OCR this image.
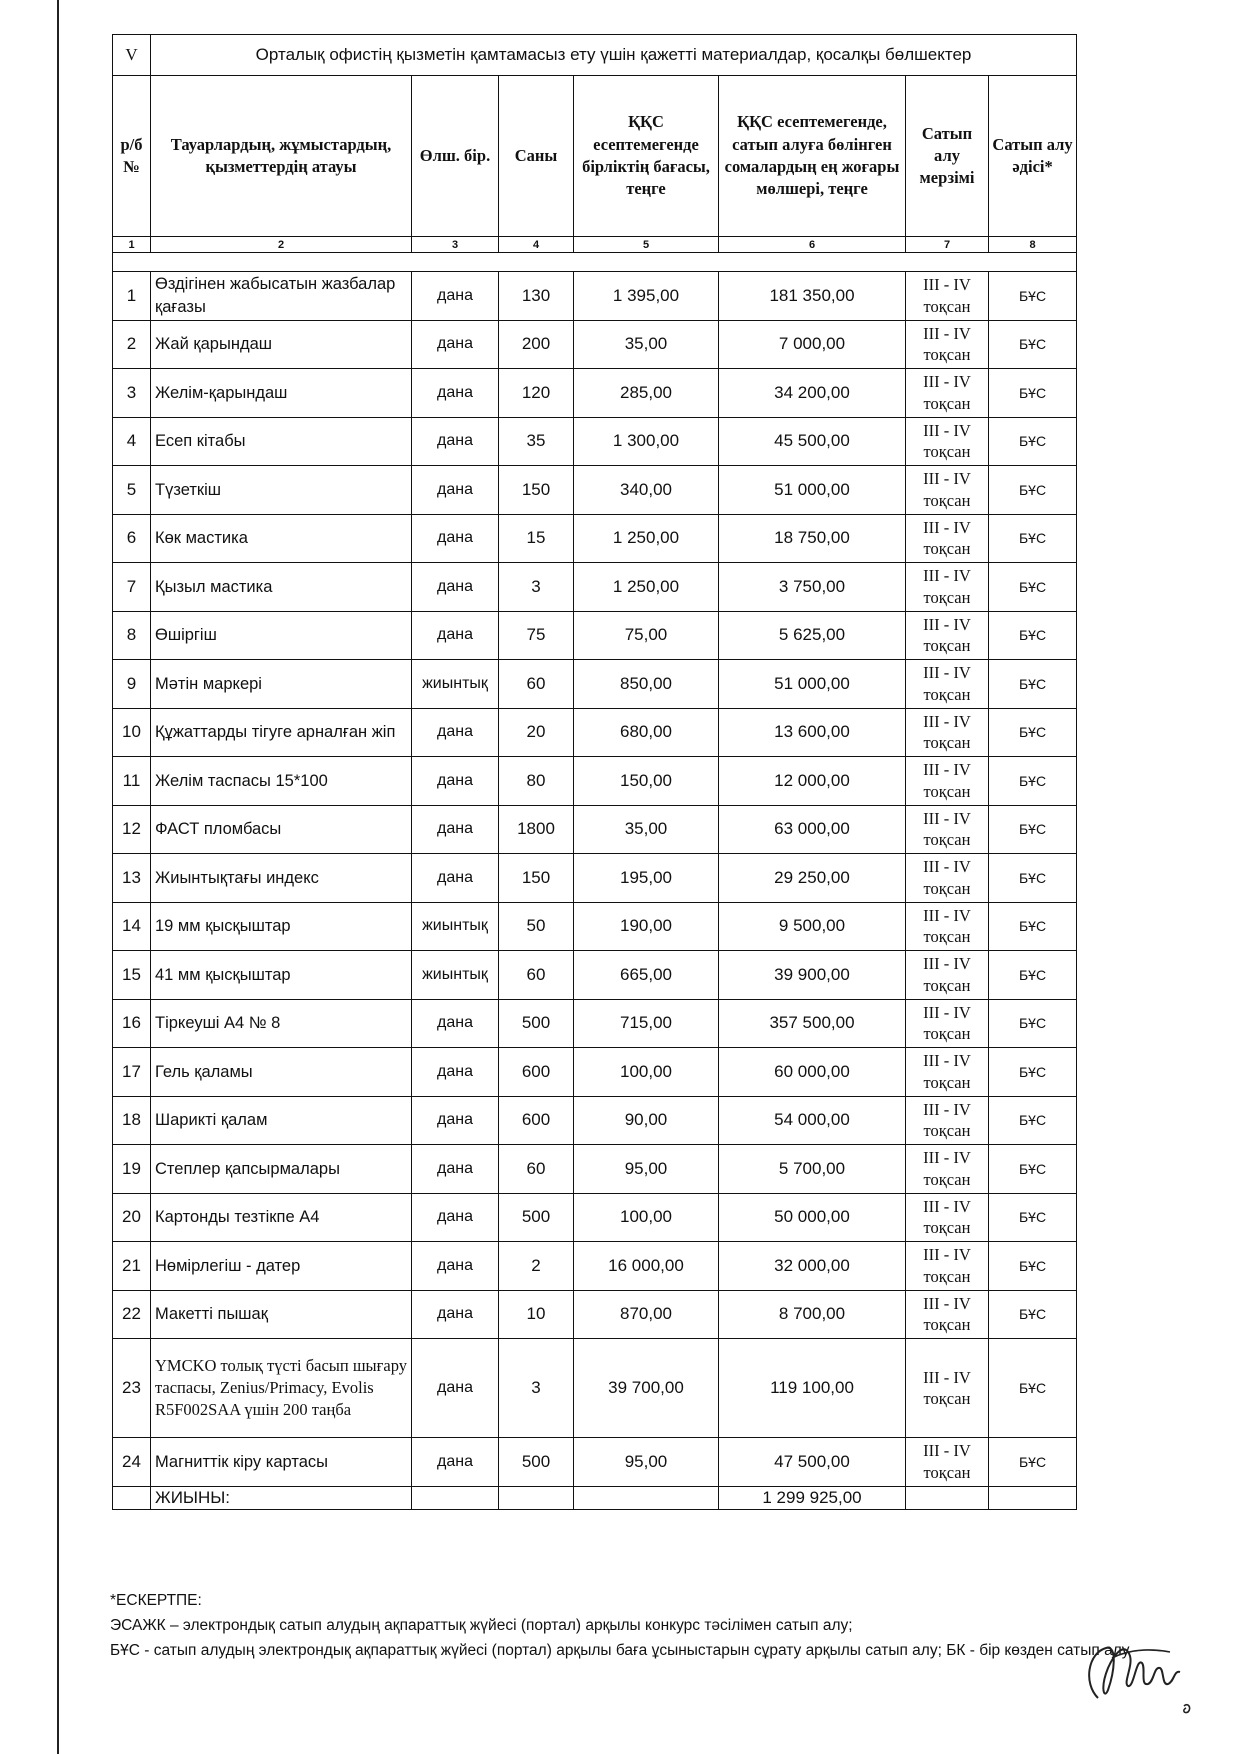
V	Орталық офистің қызметін қамтамасыз ету үшін қажетті материалдар, қосалқы бөлшектер						
р/б №	Тауарлардың, жұмыстардың, қызметтердің атауы	Өлш. бір.	Саны	ҚҚС есептемегенде бірліктің бағасы, теңге	ҚҚС есептемегенде, сатып алуға бөлінген сомалардың ең жоғары мөлшері, теңге	Сатып алу мерзімі	Сатып алу әдісі*
1	2	3	4	5	6	7	8

1	Өздігінен жабысатын жазбалар қағазы	дана	130	1 395,00	181 350,00	III - IV тоқсан	БҰС
2	Жай қарындаш	дана	200	35,00	7 000,00	III - IV тоқсан	БҰС
3	Желім-қарындаш	дана	120	285,00	34 200,00	III - IV тоқсан	БҰС
4	Есеп кітабы	дана	35	1 300,00	45 500,00	III - IV тоқсан	БҰС
5	Түзеткіш	дана	150	340,00	51 000,00	III - IV тоқсан	БҰС
6	Көк мастика	дана	15	1 250,00	18 750,00	III - IV тоқсан	БҰС
7	Қызыл мастика	дана	3	1 250,00	3 750,00	III - IV тоқсан	БҰС
8	Өшіргіш	дана	75	75,00	5 625,00	III - IV тоқсан	БҰС
9	Мәтін маркері	жиынтық	60	850,00	51 000,00	III - IV тоқсан	БҰС
10	Құжаттарды тігуге арналған жіп	дана	20	680,00	13 600,00	III - IV тоқсан	БҰС
11	Желім таспасы 15*100	дана	80	150,00	12 000,00	III - IV тоқсан	БҰС
12	ФАСТ пломбасы	дана	1800	35,00	63 000,00	III - IV тоқсан	БҰС
13	Жиынтықтағы индекс	дана	150	195,00	29 250,00	III - IV тоқсан	БҰС
14	19 мм қысқыштар	жиынтық	50	190,00	9 500,00	III - IV тоқсан	БҰС
15	41 мм қысқыштар	жиынтық	60	665,00	39 900,00	III - IV тоқсан	БҰС
16	Тіркеуші А4 № 8	дана	500	715,00	357 500,00	III - IV тоқсан	БҰС
17	Гель қаламы	дана	600	100,00	60 000,00	III - IV тоқсан	БҰС
18	Шарикті қалам	дана	600	90,00	54 000,00	III - IV тоқсан	БҰС
19	Степлер қапсырмалары	дана	60	95,00	5 700,00	III - IV тоқсан	БҰС
20	Картонды тезтікпе А4	дана	500	100,00	50 000,00	III - IV тоқсан	БҰС
21	Нөмірлегіш - датер	дана	2	16 000,00	32 000,00	III - IV тоқсан	БҰС
22	Макетті пышақ	дана	10	870,00	8 700,00	III - IV тоқсан	БҰС
23	YMCKO толық түсті басып шығару таспасы, Zenius/Primacy, Evolis R5F002SAA үшін 200 таңба	дана	3	39 700,00	119 100,00	III - IV тоқсан	БҰС
24	Магниттік кіру картасы	дана	500	95,00	47 500,00	III - IV тоқсан	БҰС
	ЖИЫНЫ:				1 299 925,00		
*ЕСКЕРТПЕ:
ЭСАЖК – электрондық сатып алудың ақпараттық жүйесі (портал) арқылы конкурс тәсілімен сатып алу;
БҰС - сатып алудың электрондық ақпараттық жүйесі (портал) арқылы баға ұсыныстарын сұрату арқылы сатып алу; БК - бір көзден сатып алу
